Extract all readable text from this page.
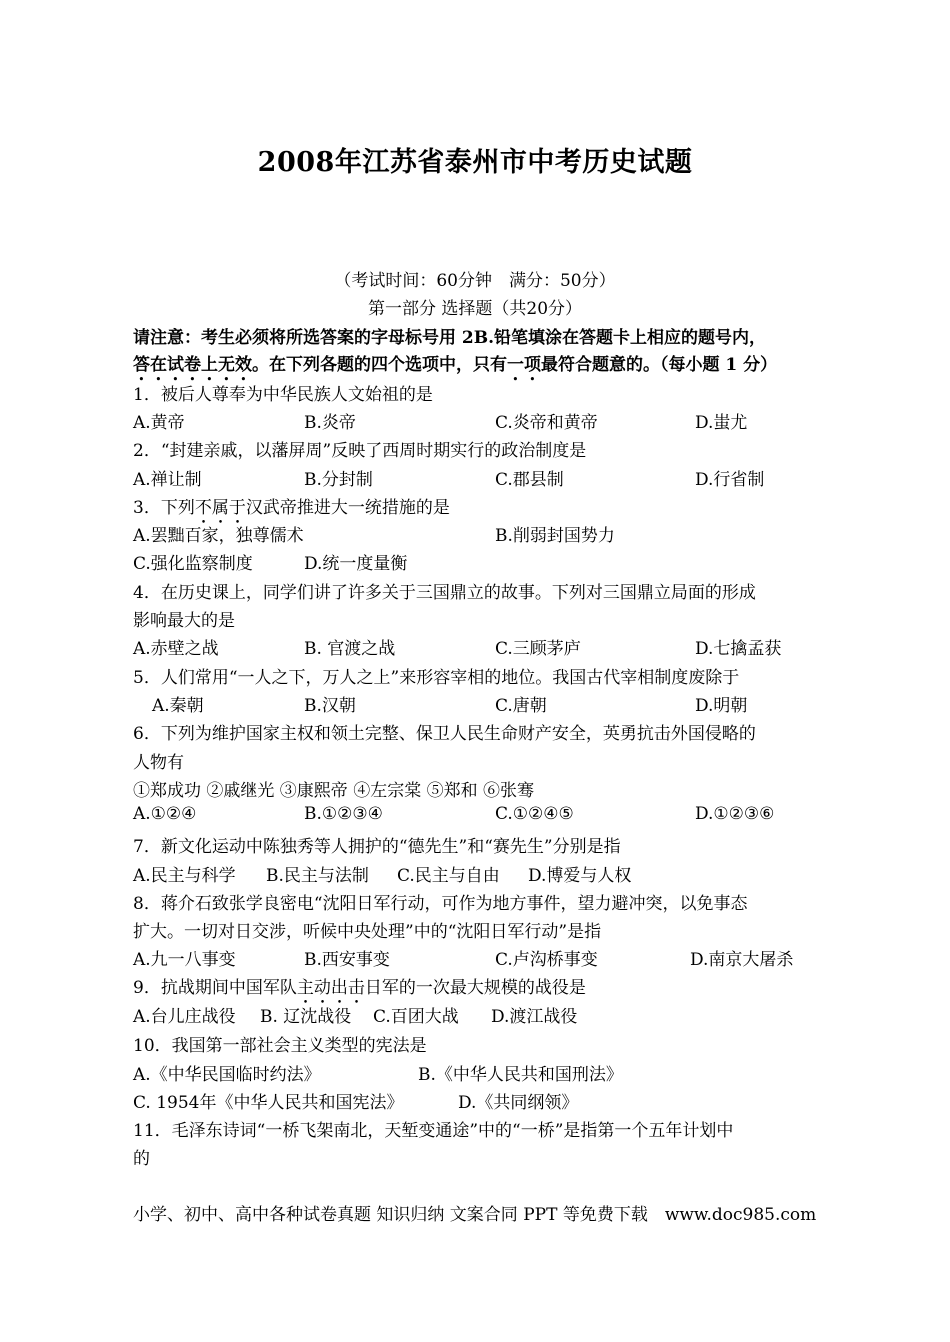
2008年江苏省泰州市中考历史试题
（考试时间：60分钟　满分：50分）
第一部分 选择题（共20分）
请注意：考生必须将所选答案的字母标号用 2B.铅笔填涂在答题卡上相应的题号内，
答在试卷上无效。在下列各题的四个选项中，只有一项最符合题意的。（每小题 1 分）
1．被后人尊奉为中华民族人文始祖的是
A.黄帝	B.炎帝	C.炎帝和黄帝	D.蚩尤
2．“封建亲戚，以藩屏周”反映了西周时期实行的政治制度是
A.禅让制	B.分封制	C.郡县制	D.行省制
3．下列不属于汉武帝推进大一统措施的是
A.罢黜百家，独尊儒术	B.削弱封国势力
C.强化监察制度	D.统一度量衡
4．在历史课上，同学们讲了许多关于三国鼎立的故事。下列对三国鼎立局面的形成
影响最大的是
A.赤壁之战	B. 官渡之战	C.三顾茅庐	D.七擒孟获
5．人们常用“一人之下，万人之上”来形容宰相的地位。我国古代宰相制度废除于
A.秦朝	B.汉朝	C.唐朝	D.明朝
6．下列为维护国家主权和领土完整、保卫人民生命财产安全，英勇抗击外国侵略的
人物有
①郑成功 ②戚继光 ③康熙帝 ④左宗棠 ⑤郑和 ⑥张骞
A.①②④	B.①②③④	C.①②④⑤	D.①②③⑥
7．新文化运动中陈独秀等人拥护的“德先生”和“赛先生”分别是指
A.民主与科学 B.民主与法制 C.民主与自由 D.博爱与人权
8．蒋介石致张学良密电“沈阳日军行动，可作为地方事件，望力避冲突，以免事态
扩大。一切对日交涉，听候中央处理”中的“沈阳日军行动”是指
A.九一八事变	B.西安事变	C.卢沟桥事变	D.南京大屠杀
9．抗战期间中国军队主动出击日军的一次最大规模的战役是
A.台儿庄战役 B. 辽沈战役 C.百团大战 D.渡江战役
10．我国第一部社会主义类型的宪法是
A.《中华民国临时约法》	B.《中华人民共和国刑法》
C. 1954年《中华人民共和国宪法》	D.《共同纲领》
11．毛泽东诗词“一桥飞架南北，天堑变通途”中的“一桥”是指第一个五年计划中
的
小学、初中、高中各种试卷真题 知识归纳 文案合同 PPT 等免费下载　www.doc985.com
